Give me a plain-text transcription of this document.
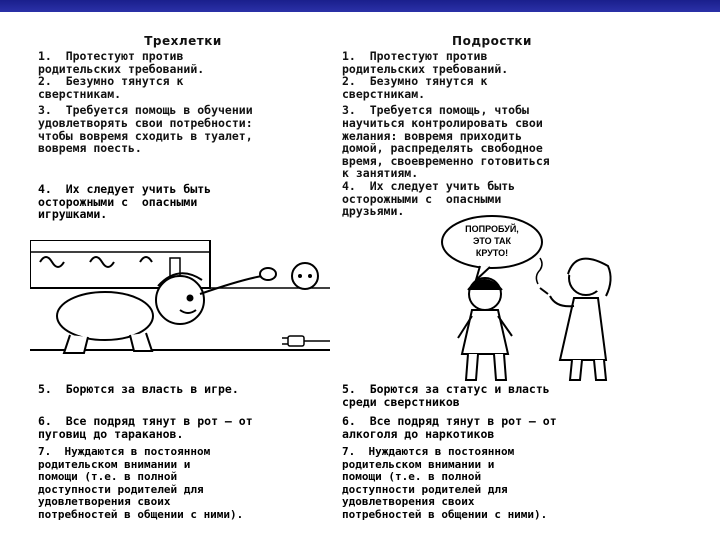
Трехлетки

1.  Протестуют против
родительских требований.

2.  Безумно тянутся к
сверстникам.

3.  Требуется помощь в обучении
удовлетворять свои потребности:
чтобы вовремя сходить в туалет,
вовремя поесть.

4.  Их следует учить быть
осторожными с  опасными
игрушками.

5.  Борются за власть в игре.

6.  Все подряд тянут в рот – от
пуговиц до тараканов.

7.  Нуждаются в постоянном
родительском внимании и
помощи (т.е. в полной
доступности родителей для
удовлетворения своих
потребностей в общении с ними).

Подростки

1.  Протестуют против
родительских требований.

2.  Безумно тянутся к
сверстникам.

3.  Требуется помощь, чтобы
научиться контролировать свои
желания: вовремя приходить
домой, распределять свободное
время, своевременно готовиться
к занятиям.

4.  Их следует учить быть
осторожными с  опасными
друзьями.

5.  Борются за статус и власть
среди сверстников

6.  Все подряд тянут в рот – от
алкоголя до наркотиков

7.  Нуждаются в постоянном
родительском внимании и
помощи (т.е. в полной
доступности родителей для
удовлетворения своих
потребностей в общении с ними).

ПОПРОБУЙ,
ЭТО ТАК
КРУТО!
